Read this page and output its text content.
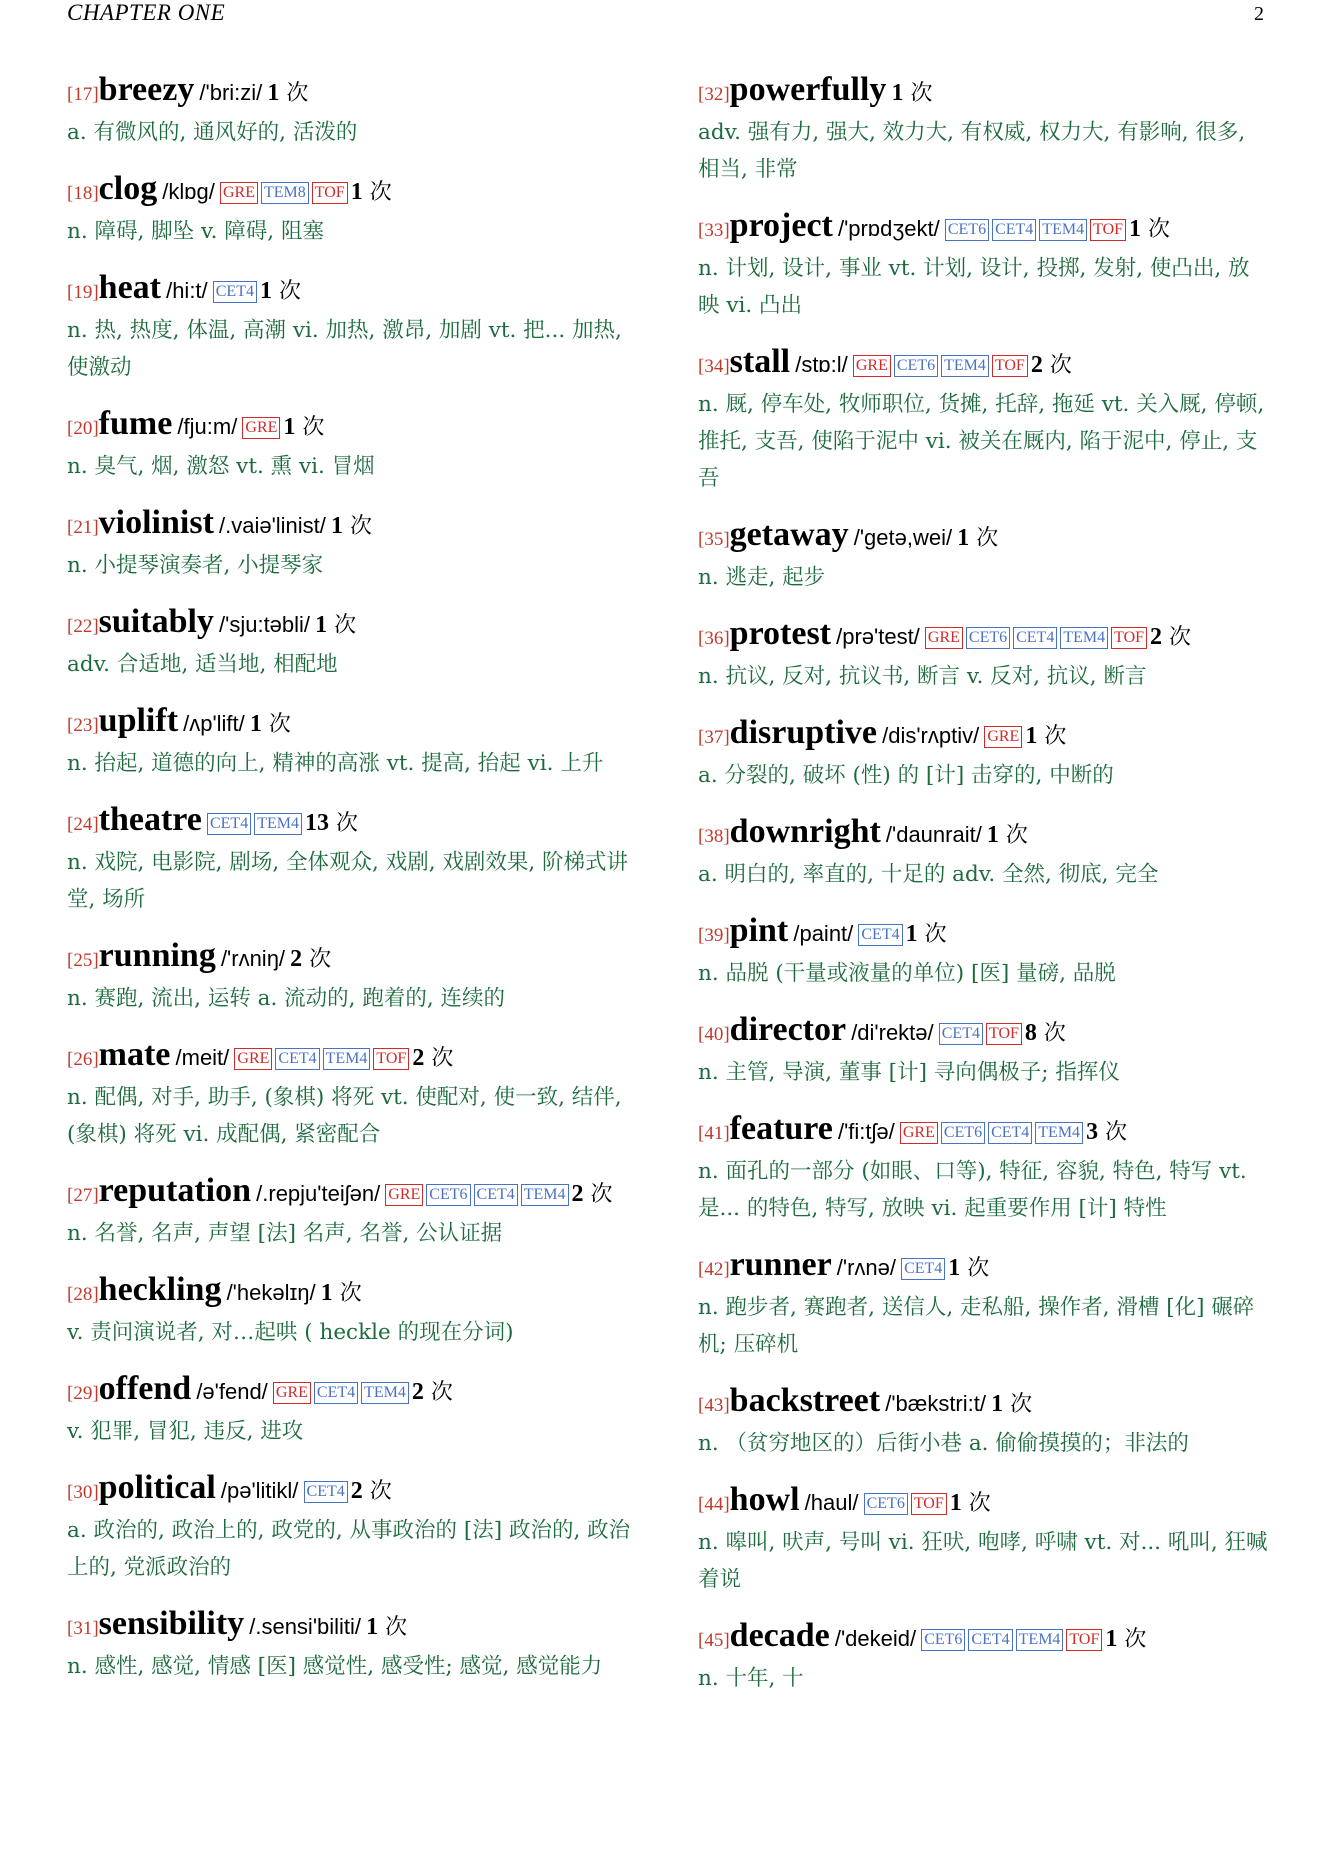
CHAPTER ONE	2
[17]breezy /'bri:zi/ 1 次
a. 有微风的, 通风好的, 活泼的
[18]clog /klɒg/ GRE TEM8 TOF 1 次
n. 障碍, 脚坠 v. 障碍, 阻塞
[19]heat /hi:t/ CET4 1 次
n. 热, 热度, 体温, 高潮 vi. 加热, 激昂, 加剧 vt. 把... 加热, 使激动
[20]fume /fju:m/ GRE 1 次
n. 臭气, 烟, 激怒 vt. 熏 vi. 冒烟
[21]violinist /.vaiə'linist/ 1 次
n. 小提琴演奏者, 小提琴家
[22]suitably /'sju:təbli/ 1 次
adv. 合适地, 适当地, 相配地
[23]uplift /ʌp'lift/ 1 次
n. 抬起, 道德的向上, 精神的高涨 vt. 提高, 抬起 vi. 上升
[24]theatre CET4 TEM4 13 次
n. 戏院, 电影院, 剧场, 全体观众, 戏剧, 戏剧效果, 阶梯式讲堂, 场所
[25]running /'rʌniŋ/ 2 次
n. 赛跑, 流出, 运转 a. 流动的, 跑着的, 连续的
[26]mate /meit/ GRE CET4 TEM4 TOF 2 次
n. 配偶, 对手, 助手, (象棋) 将死 vt. 使配对, 使一致, 结伴, (象棋) 将死 vi. 成配偶, 紧密配合
[27]reputation /.repju'teiʃən/ GRE CET6 CET4 TEM4 2 次
n. 名誉, 名声, 声望 [法] 名声, 名誉, 公认证据
[28]heckling /'hekəlɪŋ/ 1 次
v. 责问演说者, 对…起哄 ( heckle 的现在分词)
[29]offend /ə'fend/ GRE CET4 TEM4 2 次
v. 犯罪, 冒犯, 违反, 进攻
[30]political /pə'litikl/ CET4 2 次
a. 政治的, 政治上的, 政党的, 从事政治的 [法] 政治的, 政治上的, 党派政治的
[31]sensibility /.sensi'biliti/ 1 次
n. 感性, 感觉, 情感 [医] 感觉性, 感受性; 感觉, 感觉能力
[32]powerfully 1 次
adv. 强有力, 强大, 效力大, 有权威, 权力大, 有影响, 很多, 相当, 非常
[33]project /'prɒdʒekt/ CET6 CET4 TEM4 TOF 1 次
n. 计划, 设计, 事业 vt. 计划, 设计, 投掷, 发射, 使凸出, 放映 vi. 凸出
[34]stall /stɒ:l/ GRE CET6 TEM4 TOF 2 次
n. 厩, 停车处, 牧师职位, 货摊, 托辞, 拖延 vt. 关入厩, 停顿, 推托, 支吾, 使陷于泥中 vi. 被关在厩内, 陷于泥中, 停止, 支吾
[35]getaway /'getə,wei/ 1 次
n. 逃走, 起步
[36]protest /prə'test/ GRE CET6 CET4 TEM4 TOF 2 次
n. 抗议, 反对, 抗议书, 断言 v. 反对, 抗议, 断言
[37]disruptive /dis'rʌptiv/ GRE 1 次
a. 分裂的, 破坏 (性) 的 [计] 击穿的, 中断的
[38]downright /'daunrait/ 1 次
a. 明白的, 率直的, 十足的 adv. 全然, 彻底, 完全
[39]pint /paint/ CET4 1 次
n. 品脱 (干量或液量的单位) [医] 量磅, 品脱
[40]director /di'rektə/ CET4 TOF 8 次
n. 主管, 导演, 董事 [计] 寻向偶极子; 指挥仪
[41]feature /'fi:tʃə/ GRE CET6 CET4 TEM4 3 次
n. 面孔的一部分 (如眼、口等), 特征, 容貌, 特色, 特写 vt. 是... 的特色, 特写, 放映 vi. 起重要作用 [计] 特性
[42]runner /'rʌnə/ CET4 1 次
n. 跑步者, 赛跑者, 送信人, 走私船, 操作者, 滑槽 [化] 碾碎机; 压碎机
[43]backstreet /'bækstri:t/ 1 次
n. （贫穷地区的）后街小巷 a. 偷偷摸摸的；非法的
[44]howl /haul/ CET6 TOF 1 次
n. 嗥叫, 吠声, 号叫 vi. 狂吠, 咆哮, 呼啸 vt. 对... 吼叫, 狂喊着说
[45]decade /'dekeid/ CET6 CET4 TEM4 TOF 1 次
n. 十年, 十
